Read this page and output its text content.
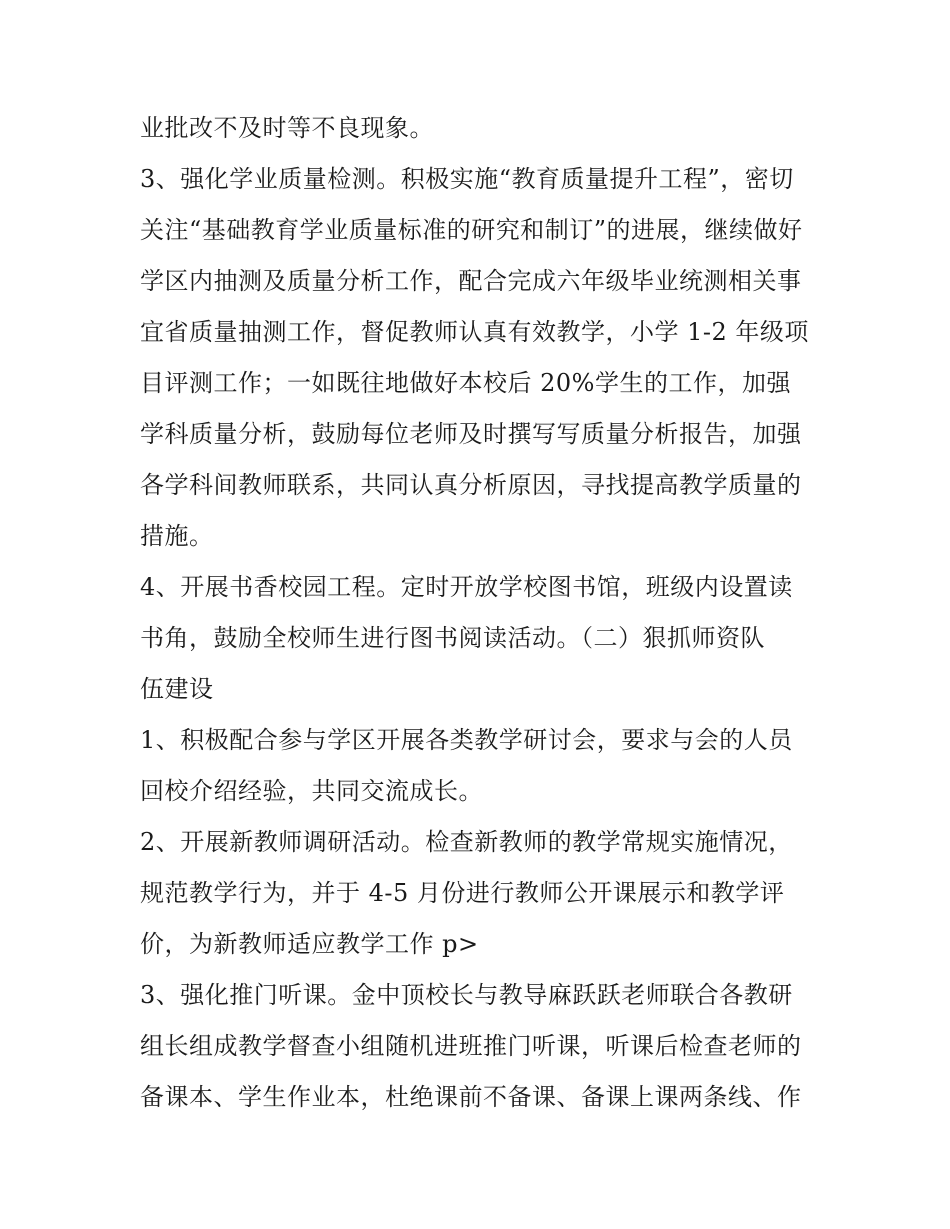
业批改不及时等不良现象。
3、强化学业质量检测。积极实施“教育质量提升工程”，密切
关注“基础教育学业质量标准的研究和制订”的进展，继续做好
学区内抽测及质量分析工作，配合完成六年级毕业统测相关事
宜省质量抽测工作，督促教师认真有效教学，小学 1-2 年级项
目评测工作；一如既往地做好本校后 20%学生的工作，加强
学科质量分析，鼓励每位老师及时撰写写质量分析报告，加强
各学科间教师联系，共同认真分析原因，寻找提高教学质量的
措施。
4、开展书香校园工程。定时开放学校图书馆，班级内设置读
书角，鼓励全校师生进行图书阅读活动。（二）狠抓师资队
伍建设
1、积极配合参与学区开展各类教学研讨会，要求与会的人员
回校介绍经验，共同交流成长。
2、开展新教师调研活动。检查新教师的教学常规实施情况，
规范教学行为，并于 4-5 月份进行教师公开课展示和教学评
价，为新教师适应教学工作 p>
3、强化推门听课。金中顶校长与教导麻跃跃老师联合各教研
组长组成教学督查小组随机进班推门听课，听课后检查老师的
备课本、学生作业本，杜绝课前不备课、备课上课两条线、作
